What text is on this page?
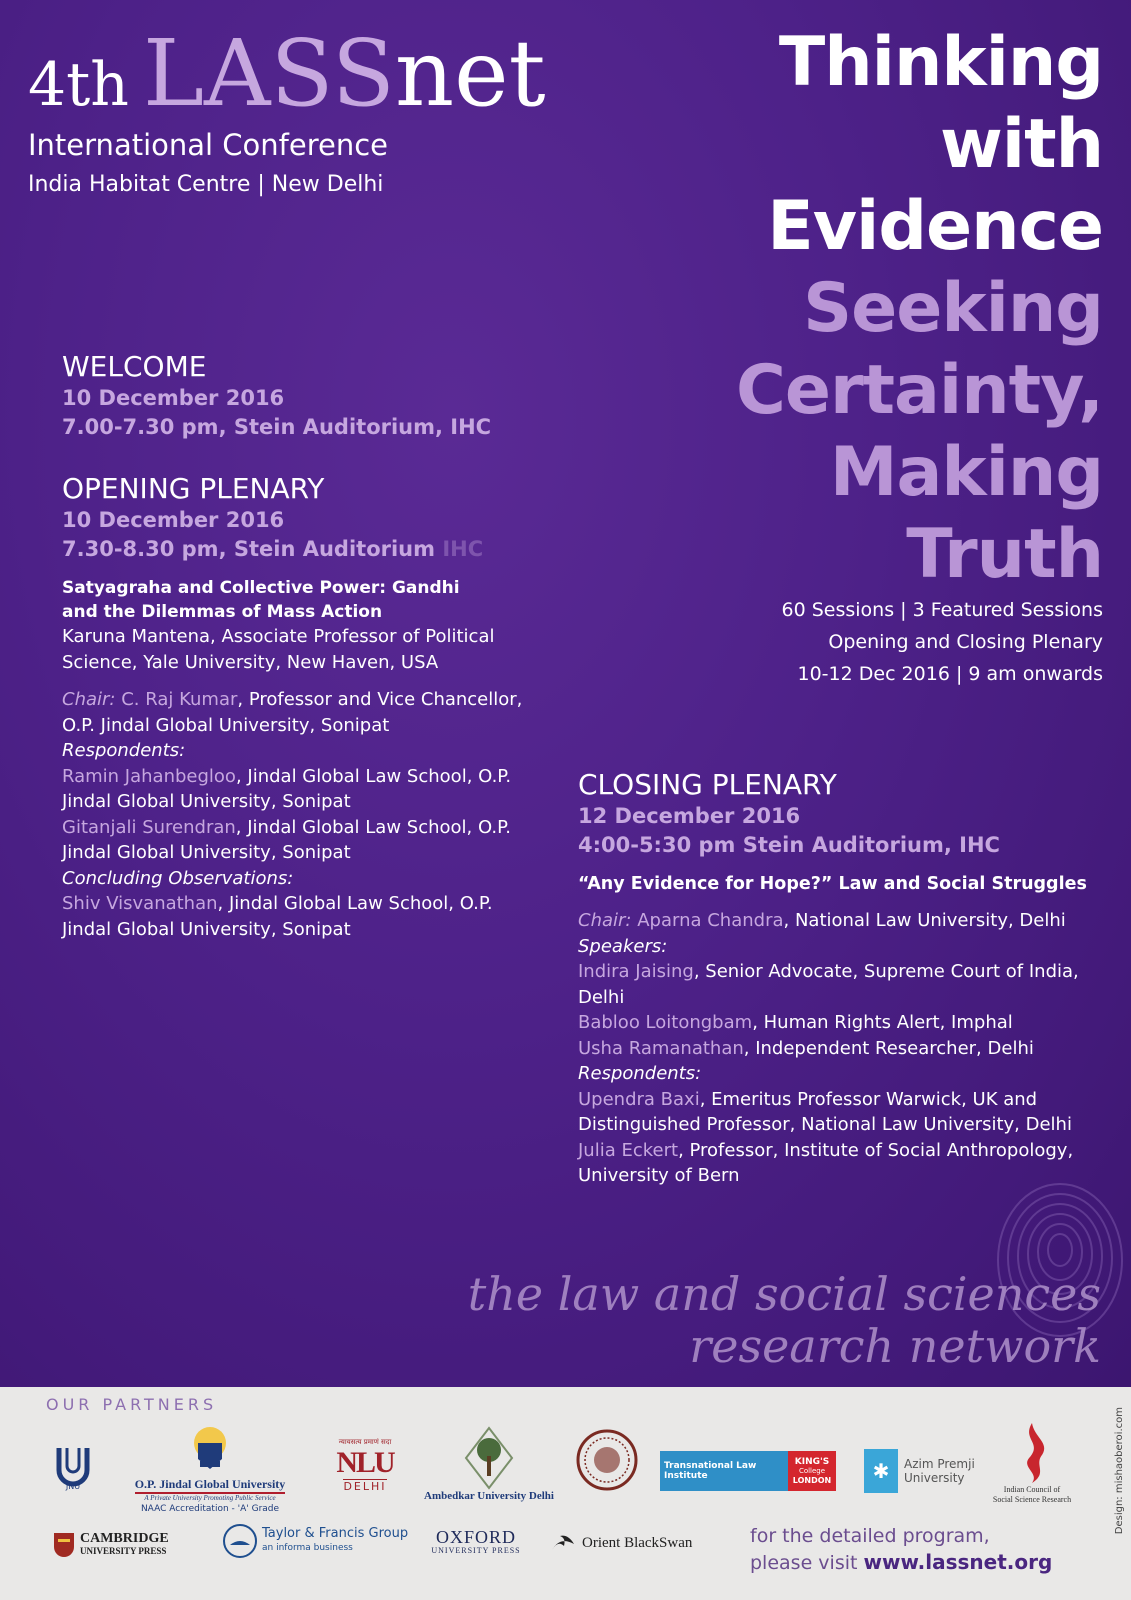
4th LASSnet
International Conference
India Habitat Centre | New Delhi
Thinking
with
Evidence
Seeking
Certainty,
Making
Truth
60 Sessions | 3 Featured Sessions
Opening and Closing Plenary
10-12 Dec 2016 | 9 am onwards
WELCOME
10 December 2016
7.00-7.30 pm, Stein Auditorium, IHC
OPENING PLENARY
10 December 2016
7.30-8.30 pm, Stein Auditorium IHC
Satyagraha and Collective Power: Gandhi
and the Dilemmas of Mass Action
Karuna Mantena, Associate Professor of Political Science, Yale University, New Haven, USA
Chair: C. Raj Kumar, Professor and Vice Chancellor, O.P. Jindal Global University, Sonipat
Respondents:
Ramin Jahanbegloo, Jindal Global Law School, O.P. Jindal Global University, Sonipat
Gitanjali Surendran, Jindal Global Law School, O.P. Jindal Global University, Sonipat
Concluding Observations:
Shiv Visvanathan, Jindal Global Law School, O.P. Jindal Global University, Sonipat
CLOSING PLENARY
12 December 2016
4:00-5:30 pm Stein Auditorium, IHC
“Any Evidence for Hope?” Law and Social Struggles
Chair: Aparna Chandra, National Law University, Delhi
Speakers:
Indira Jaising, Senior Advocate, Supreme Court of India, Delhi
Babloo Loitongbam, Human Rights Alert, Imphal
Usha Ramanathan, Independent Researcher, Delhi
Respondents:
Upendra Baxi, Emeritus Professor Warwick, UK and Distinguished Professor, National Law University, Delhi
Julia Eckert, Professor, Institute of Social Anthropology, University of Bern
the law and social sciences
research network
OUR PARTNERS
JNU	O.P. Jindal Global University
A Private University Promoting Public Service
NAAC Accreditation - 'A' Grade
न्यायसत्य प्रमाणं सदा
NLU
DELHI
Ambedkar University Delhi
Transnational Law Institute
KING'S
College
LONDON	✱	Azim Premji
University
Indian Council of
Social Science Research
CAMBRIDGE
UNIVERSITY PRESS
Taylor & Francis Group
an informa business
OXFORD
UNIVERSITY PRESS	Orient BlackSwan	for the detailed program,
please visit www.lassnet.org
Design: mishaoberoi.com
